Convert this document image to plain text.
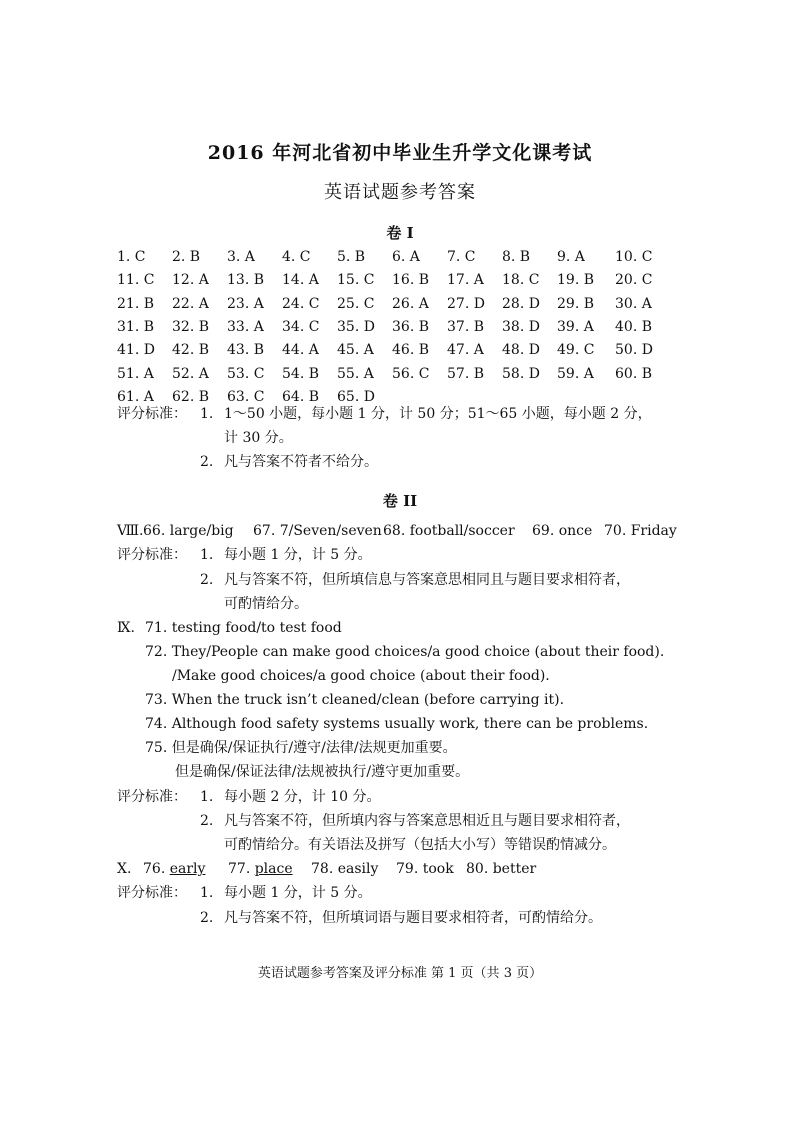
2016 年河北省初中毕业生升学文化课考试
英语试题参考答案
卷 I
1. C 2. B 3. A 4. C 5. B 6. A 7. C 8. B 9. A 10. C
11. C 12. A 13. B 14. A 15. C 16. B 17. A 18. C 19. B 20. C
21. B 22. A 23. A 24. C 25. C 26. A 27. D 28. D 29. B 30. A
31. B 32. B 33. A 34. C 35. D 36. B 37. B 38. D 39. A 40. B
41. D 42. B 43. B 44. A 45. A 46. B 47. A 48. D 49. C 50. D
51. A 52. A 53. C 54. B 55. A 56. C 57. B 58. D 59. A 60. B
61. A 62. B 63. C 64. B 65. D
评分标准： 1. 1～50 小题，每小题 1 分，计 50 分；51～65 小题，每小题 2 分，
计 30 分。
2. 凡与答案不符者不给分。
卷 II
Ⅷ. 66. large/big 67. 7/Seven/seven 68. football/soccer 69. once 70. Friday
评分标准： 1. 每小题 1 分，计 5 分。
2. 凡与答案不符，但所填信息与答案意思相同且与题目要求相符者，
可酌情给分。
Ⅸ. 71. testing food/to test food
72. They/People can make good choices/a good choice (about their food).
/Make good choices/a good choice (about their food).
73. When the truck isn’t cleaned/clean (before carrying it).
74. Although food safety systems usually work, there can be problems.
75. 但是确保/保证执行/遵守/法律/法规更加重要。
但是确保/保证法律/法规被执行/遵守更加重要。
评分标准： 1. 每小题 2 分，计 10 分。
2. 凡与答案不符，但所填内容与答案意思相近且与题目要求相符者，
可酌情给分。有关语法及拼写（包括大小写）等错误酌情减分。
Ⅹ. 76. early 77. place 78. easily 79. took 80. better
评分标准： 1. 每小题 1 分，计 5 分。
2. 凡与答案不符，但所填词语与题目要求相符者，可酌情给分。
英语试题参考答案及评分标准 第 1 页（共 3 页）
